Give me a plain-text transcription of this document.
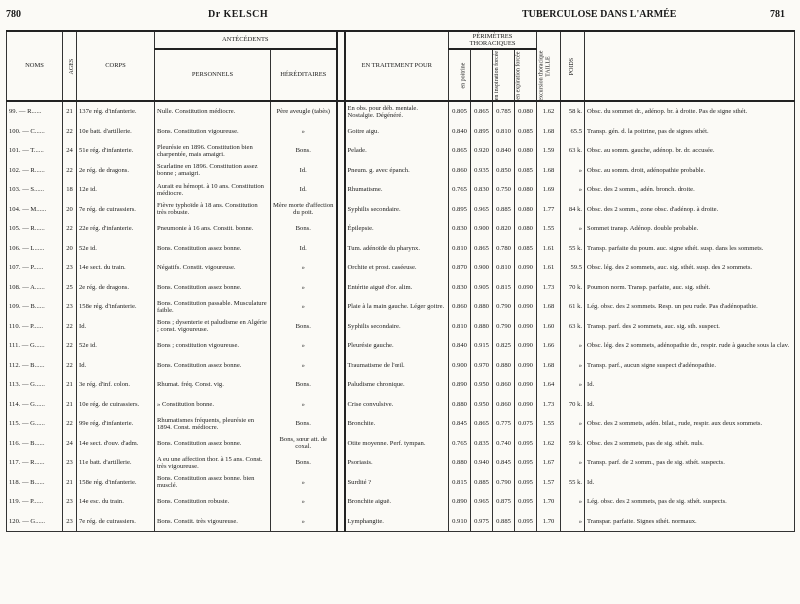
780	Dr KELSCH	TUBERCULOSE DANS L'ARMÉE	781
NOMS	AGES	CORPS	ANTÉCÉDENTS			EN TRAITEMENT POUR	PÉRIMÈTRES THORACIQUES				TAILLE	POIDS	
			PERSONNELS	HÉRÉDITAIRES			en poitrine	en inspiration forcée	en expiration forcée	excursion thoracique			
99. — R......	21	137e rég. d'infanterie.	Nulle. Constitution médiocre.	Père aveugle (tabès)		En obs. pour déb. mentale. Nostalgie. Dégénéré.	0.805	0.865	0.785	0.080	1.62	58 k.	Obsc. du sommet dr., adénop. br. à droite. Pas de signe sthét.
100. — C......	22	10e batt. d'artillerie.	Bons. Constitution vigoureuse.	»		Goitre aigu.	0.840	0.895	0.810	0.085	1.68	65.5	Transp. gén. d. la poitrine, pas de signes sthét.
101. — T......	24	51e rég. d'infanterie.	Pleurésie en 1896. Constitution bien charpentée, mais amaigri.	Bons.		Pelade.	0.865	0.920	0.840	0.080	1.59	63 k.	Obsc. au somm. gauche, adénop. br. dr. accusée.
102. — R......	22	2e rég. de dragons.	Scarlatine en 1896. Constitution assez bonne ; amaigri.	Id.		Pneum. g. avec épanch.	0.860	0.935	0.850	0.085	1.68	»	Obsc. au somm. droit, adénopathie probable.
103. — S......	18	12e id.	Aurait eu hémopt. à 10 ans. Constitution médiocre.	Id.		Rhumatisme.	0.765	0.830	0.750	0.080	1.69	»	Obsc. des 2 somm., adén. bronch. droite.
104. — M......	20	7e rég. de cuirassiers.	Fièvre typhoïde à 18 ans. Constitution très robuste.	Mère morte d'affection du poit.		Syphilis secondaire.	0.895	0.965	0.885	0.080	1.77	84 k.	Obsc. des 2 somm., zone obsc. d'adénop. à droite.
105. — R......	22	22e rég. d'infanterie.	Pneumonie à 16 ans. Constit. bonne.	Bons.		Épilepsie.	0.830	0.900	0.820	0.080	1.55	»	Sommet transp. Adénop. double probable.
106. — L......	20	52e id.	Bons. Constitution assez bonne.	Id.		Tum. adénoïde du pharynx.	0.810	0.865	0.780	0.085	1.61	55 k.	Transp. parfaite du poum. auc. signe sthét. susp. dans les sommets.
107. — P......	23	14e sect. du train.	Négatifs. Constit. vigoureuse.	»		Orchite et prost. caséeuse.	0.870	0.900	0.810	0.090	1.61	59.5	Obsc. lég. des 2 sommets, auc. sig. sthét. susp. des 2 sommets.
108. — A......	25	2e rég. de dragons.	Bons. Constitution assez bonne.	»		Entérite aiguë d'or. alim.	0.830	0.905	0.815	0.090	1.73	70 k.	Poumon norm. Transp. parfaite, auc. sig. sthét.
109. — B......	23	158e rég. d'infanterie.	Bons. Constitution passable. Musculature faible.	»		Plaie à la main gauche. Léger goitre.	0.860	0.880	0.790	0.090	1.68	61 k.	Lég. obsc. des 2 sommets. Resp. un peu rude. Pas d'adénopathie.
110. — P......	22	Id.	Bons ; dysenterie et paludisme en Algérie ; const. vigoureuse.	Bons.		Syphilis secondaire.	0.810	0.880	0.790	0.090	1.60	63 k.	Transp. parf. des 2 sommets, auc. sig. sth. suspect.
111. — G......	22	52e id.	Bons ; constitution vigoureuse.	»		Pleurésie gauche.	0.840	0.915	0.825	0.090	1.66	»	Obsc. lég. des 2 sommets, adénopathie dr., respir. rude à gauche sous la clav.
112. — B......	22	Id.	Bons. Constitution assez bonne.	»		Traumatisme de l'œil.	0.900	0.970	0.880	0.090	1.68	»	Transp. parf., aucun signe suspect d'adénopathie.
113. — G......	21	3e rég. d'inf. colon.	Rhumat. fréq. Const. vig.	Bons.		Paludisme chronique.	0.890	0.950	0.860	0.090	1.64	»	Id.
114. — G......	21	10e rég. de cuirassiers.	» Constitution bonne.	»		Crise convulsive.	0.880	0.950	0.860	0.090	1.73	70 k.	Id.
115. — G......	22	99e rég. d'infanterie.	Rhumatismes fréquents, pleurésie en 1894. Const. médiocre.	Bons.		Bronchite.	0.845	0.865	0.775	0.075	1.55	»	Obsc. des 2 sommets, adén. bilat., rude, respir. aux deux sommets.
116. — B......	24	14e sect. d'ouv. d'adm.	Bons. Constitution assez bonne.	Bons, sœur att. de coxal.		Otite moyenne. Perf. tympan.	0.765	0.835	0.740	0.095	1.62	59 k.	Obsc. des 2 sommets, pas de sig. sthét. nuls.
117. — R......	23	11e batt. d'artillerie.	A eu une affection thor. à 15 ans. Const. très vigoureuse.	Bons.		Psoriasis.	0.880	0.940	0.845	0.095	1.67	»	Transp. parf. de 2 somm., pas de sig. sthét. suspects.
118. — B......	21	158e rég. d'infanterie.	Bons. Constitution assez bonne. bien musclé.	»		Surdité ?	0.815	0.885	0.790	0.095	1.57	55 k.	Id.
119. — P......	23	14e esc. du train.	Bons. Constitution robuste.	»		Bronchite aiguë.	0.890	0.965	0.875	0.095	1.70	»	Lég. obsc. des 2 sommets, pas de sig. sthét. suspects.
120. — G......	23	7e rég. de cuirassiers.	Bons. Constit. très vigoureuse.	»		Lymphangite.	0.910	0.975	0.885	0.095	1.70	»	Transpar. parfaite. Signes sthét. normaux.
